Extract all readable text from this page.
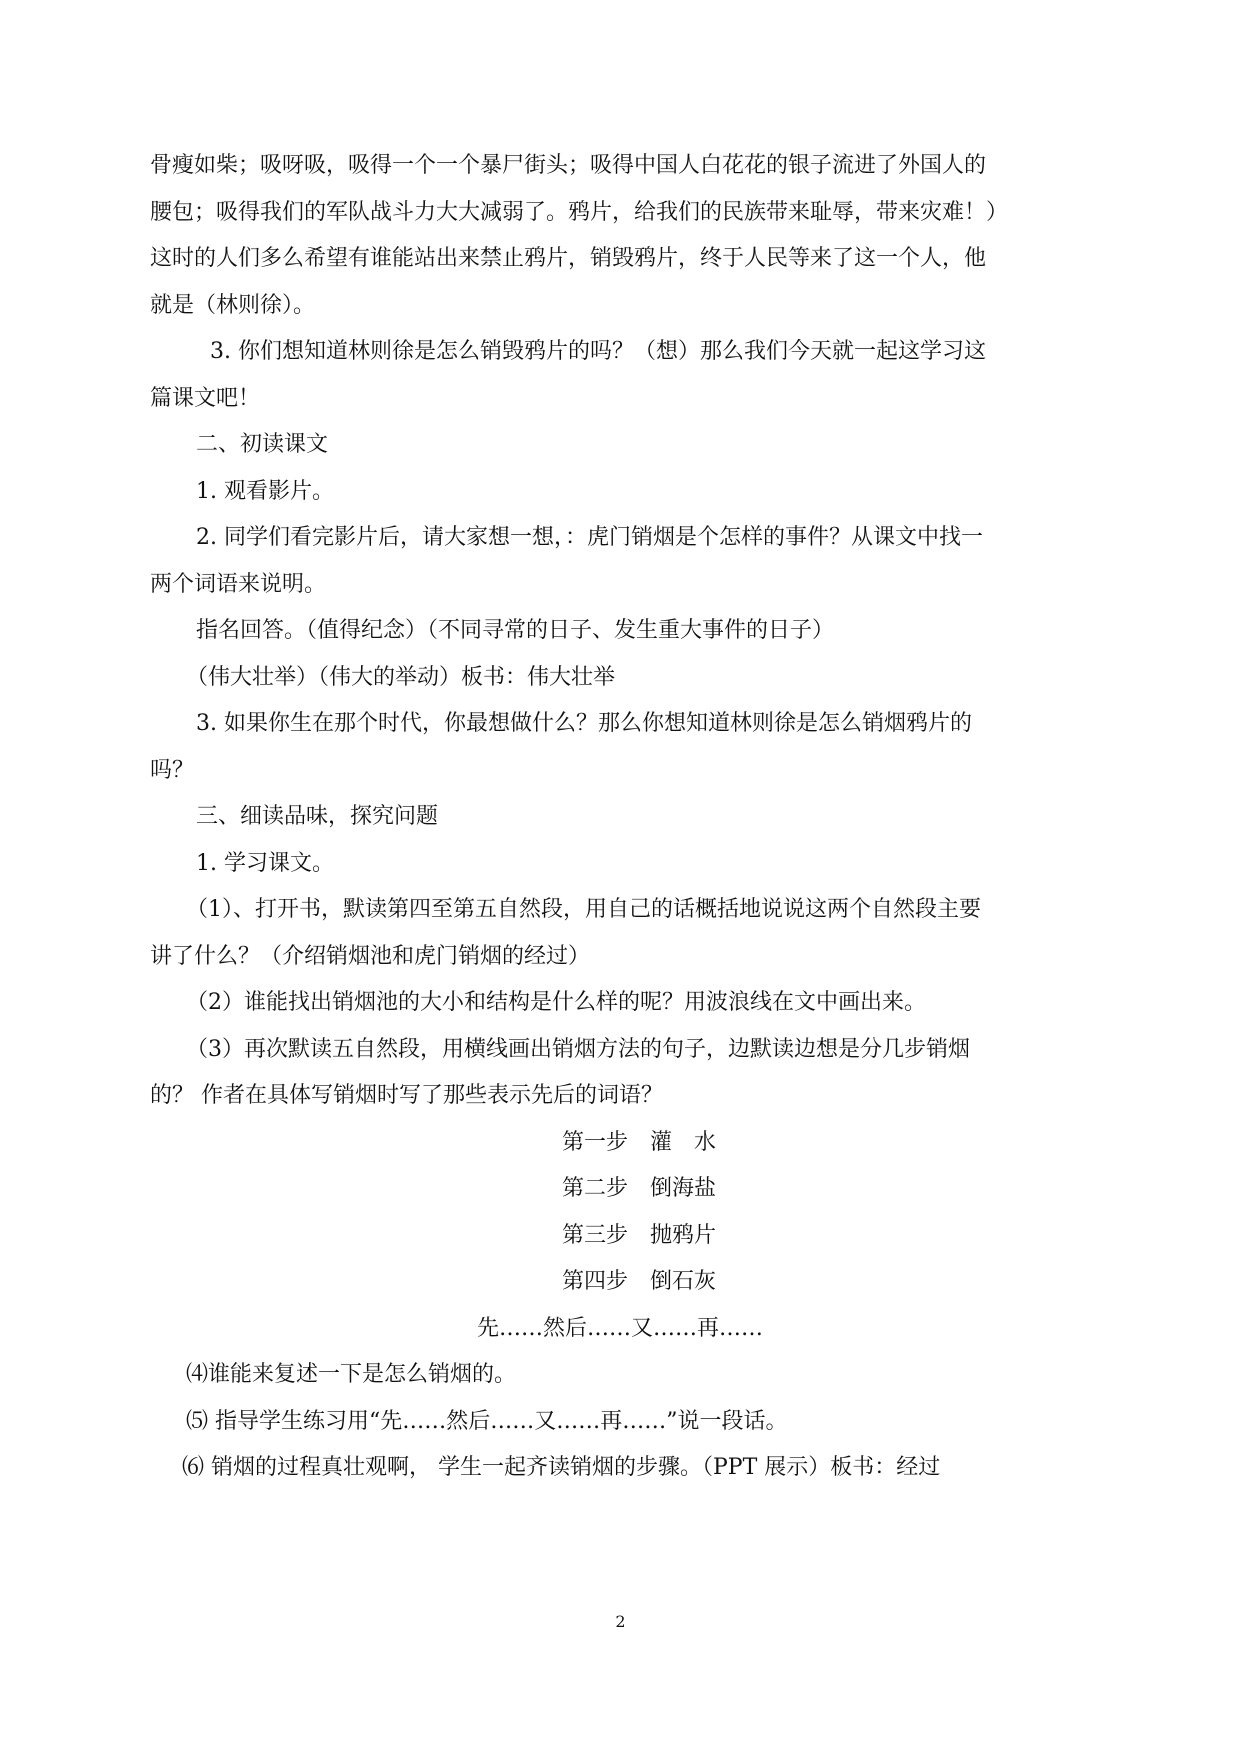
骨瘦如柴；吸呀吸，吸得一个一个暴尸街头；吸得中国人白花花的银子流进了外国人的
腰包；吸得我们的军队战斗力大大减弱了。鸦片，给我们的民族带来耻辱，带来灾难！）
这时的人们多么希望有谁能站出来禁止鸦片，销毁鸦片，终于人民等来了这一个人，他
就是（林则徐）。
3. 你们想知道林则徐是怎么销毁鸦片的吗？（想）那么我们今天就一起这学习这
篇课文吧！
二、初读课文
1. 观看影片。
2. 同学们看完影片后，请大家想一想，：虎门销烟是个怎样的事件？从课文中找一
两个词语来说明。
指名回答。（值得纪念）（不同寻常的日子、发生重大事件的日子）
（伟大壮举）（伟大的举动）板书：伟大壮举
3. 如果你生在那个时代，你最想做什么？那么你想知道林则徐是怎么销烟鸦片的
吗？
三、细读品味，探究问题
1. 学习课文。
（1）、打开书，默读第四至第五自然段，用自己的话概括地说说这两个自然段主要
讲了什么？（介绍销烟池和虎门销烟的经过）
（2）谁能找出销烟池的大小和结构是什么样的呢？用波浪线在文中画出来。
（3）再次默读五自然段，用横线画出销烟方法的句子，边默读边想是分几步销烟
的？ 作者在具体写销烟时写了那些表示先后的词语？
第一步　灌　水
第二步　倒海盐
第三步　抛鸦片
第四步　倒石灰
先……然后……又……再……
⑷谁能来复述一下是怎么销烟的。
⑸ 指导学生练习用“先……然后……又……再……”说一段话。
⑹ 销烟的过程真壮观啊， 学生一起齐读销烟的步骤。（PPT 展示）板书：经过
2
